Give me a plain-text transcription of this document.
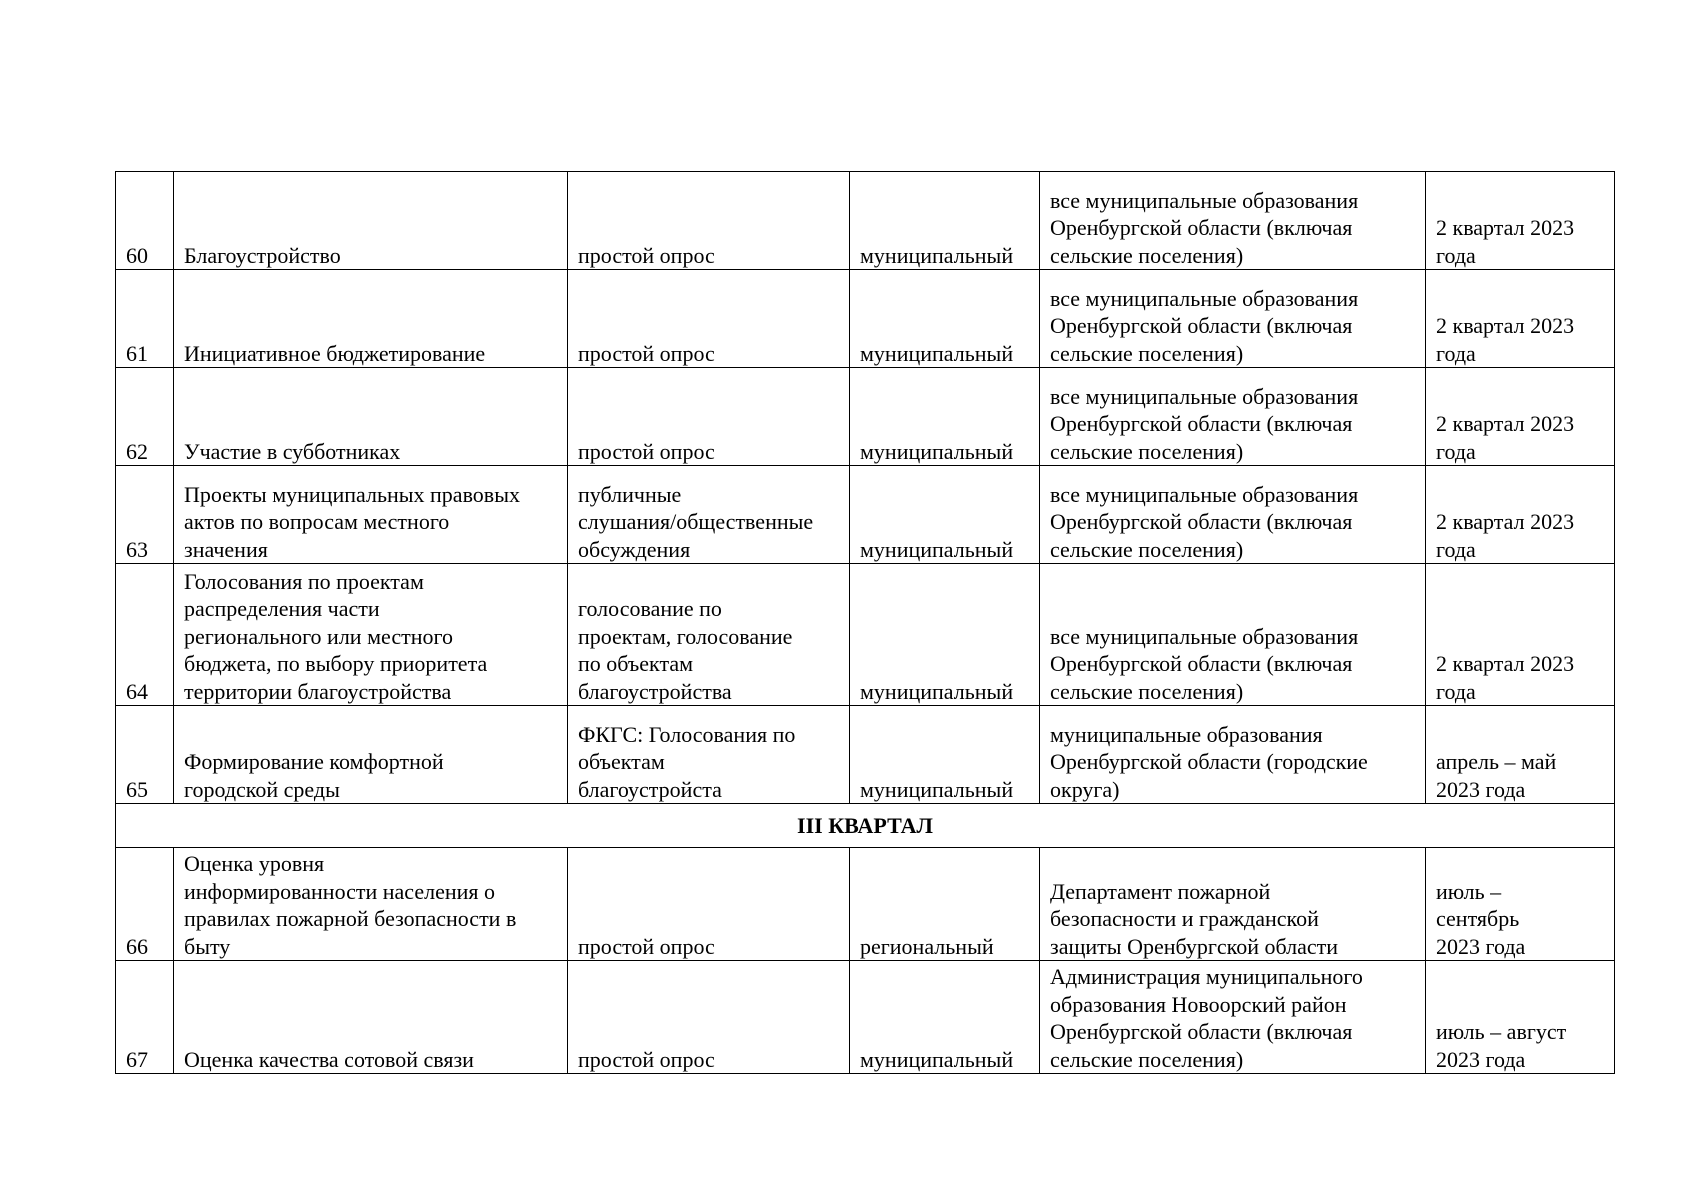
60	Благоустройство	простой опрос	муниципальный	все муниципальные образования
Оренбургской области (включая
сельские поселения)	2 квартал 2023
года

61	Инициативное бюджетирование	простой опрос	муниципальный	все муниципальные образования
Оренбургской области (включая
сельские поселения)	2 квартал 2023
года

62	Участие в субботниках	простой опрос	муниципальный	все муниципальные образования
Оренбургской области (включая
сельские поселения)	2 квартал 2023
года

63	Проекты муниципальных правовых
актов по вопросам местного
значения	публичные
слушания/общественные
обсуждения	муниципальный	все муниципальные образования
Оренбургской области (включая
сельские поселения)	2 квартал 2023
года

64	Голосования по проектам
распределения части
регионального или местного
бюджета, по выбору приоритета
территории благоустройства	голосование по
проектам, голосование
по объектам
благоустройства	муниципальный	все муниципальные образования
Оренбургской области (включая
сельские поселения)	2 квартал 2023
года

65	Формирование комфортной
городской среды	ФКГС: Голосования по
объектам
благоустройста	муниципальный	муниципальные образования
Оренбургской области (городские
округа)	апрель – май
2023 года

III КВАРТАЛ					
66	Оценка уровня
информированности населения о
правилах пожарной безопасности в
быту	простой опрос	региональный	Департамент пожарной
безопасности и гражданской
защиты Оренбургской области	июль –
сентябрь
2023 года

67	Оценка качества сотовой связи	простой опрос	муниципальный	Администрация муниципального
образования Новоорский район
Оренбургской области (включая
сельские поселения)	июль – август
2023 года
